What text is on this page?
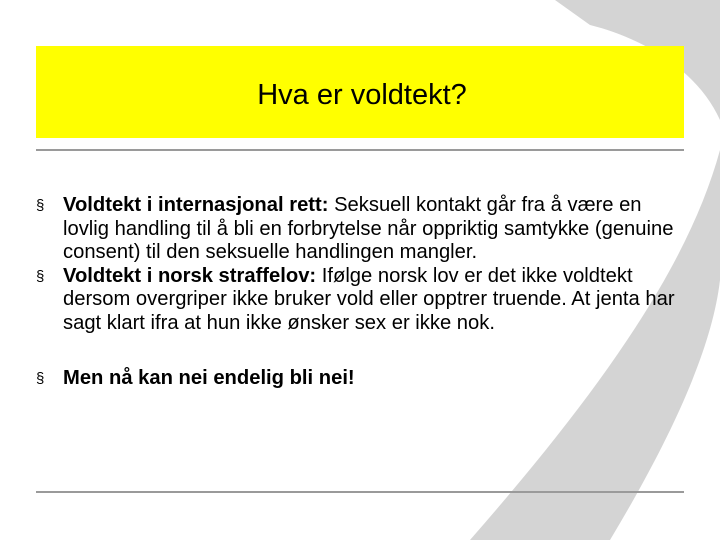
Hva er voldtekt?
§ Voldtekt i internasjonal rett: Seksuell kontakt går fra å være en lovlig handling til å bli en forbrytelse når oppriktig samtykke (genuine consent) til den seksuelle handlingen mangler.
§ Voldtekt i norsk straffelov: Ifølge norsk lov er det ikke voldtekt dersom overgriper ikke bruker vold eller opptrer truende. At jenta har sagt klart ifra at hun ikke ønsker sex er ikke nok.
§ Men nå kan nei endelig bli nei!
